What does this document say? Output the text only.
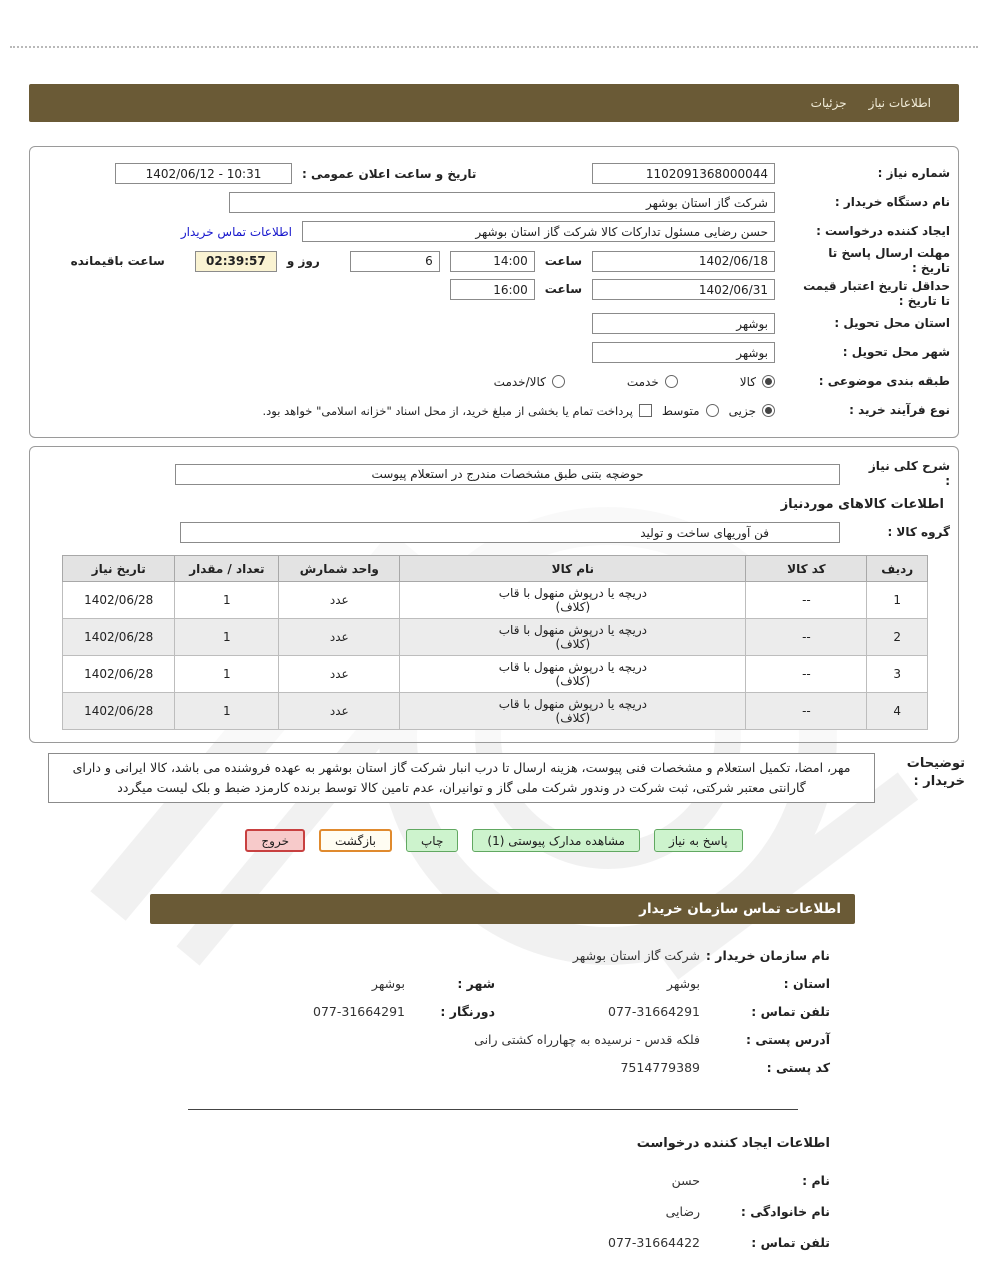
اطلاعات نیاز
جزئیات
شماره نیاز :
1102091368000044
تاریخ و ساعت اعلان عمومی :
1402/06/12 - 10:31
نام دستگاه خریدار :
شرکت گاز استان بوشهر
ایجاد کننده درخواست :
حسن رضایی مسئول تدارکات کالا شرکت گاز استان بوشهر
اطلاعات تماس خریدار
مهلت ارسال پاسخ تا تاریخ :
1402/06/18
ساعت
14:00
6
روز و
02:39:57
ساعت باقیمانده
حداقل تاریخ اعتبار قیمت تا تاریخ :
1402/06/31
ساعت
16:00
استان محل تحویل :
بوشهر
شهر محل تحویل :
بوشهر
طبقه بندی موضوعی :
کالا
خدمت
کالا/خدمت
نوع فرآیند خرید :
جزیی
متوسط
پرداخت تمام یا بخشی از مبلغ خرید، از محل اسناد "خزانه اسلامی" خواهد بود.
شرح کلی نیاز :
حوضچه بتنی طبق مشخصات مندرج در استعلام پیوست
اطلاعات کالاهای موردنیاز
گروه کالا :
فن آوریهای ساخت و تولید
ردیف	کد کالا	نام کالا	واحد شمارش	تعداد / مقدار	تاریخ نیاز
1	--	دریچه یا درپوش منهول با قاب
(کلاف)	عدد	1	1402/06/28
2	--	دریچه یا درپوش منهول با قاب
(کلاف)	عدد	1	1402/06/28
3	--	دریچه یا درپوش منهول با قاب
(کلاف)	عدد	1	1402/06/28
4	--	دریچه یا درپوش منهول با قاب
(کلاف)	عدد	1	1402/06/28
توضیحات
خریدار :
مهر، امضا، تکمیل استعلام و مشخصات فنی پیوست، هزینه ارسال تا درب انبار شرکت گاز استان بوشهر به عهده فروشنده می باشد، کالا ایرانی و دارای گارانتی معتبر شرکتی، ثبت شرکت در وندور شرکت ملی گاز و توانیران، عدم تامین کالا توسط برنده کارمزد ضبط و بلک لیست میگردد
پاسخ به نیاز
مشاهده مدارک پیوستی (1)
چاپ
بازگشت
خروج
اطلاعات تماس سازمان خریدار
نام سازمان خریدار :
شرکت گاز استان بوشهر
استان :
بوشهر
شهر :
بوشهر
تلفن تماس :
077-31664291
دورنگار :
077-31664291
آدرس پستی :
فلکه قدس - نرسیده به چهارراه کشتی رانی
کد پستی :
7514779389
اطلاعات ایجاد کننده درخواست
نام :
حسن
نام خانوادگی :
رضایی
تلفن تماس :
077-31664422
